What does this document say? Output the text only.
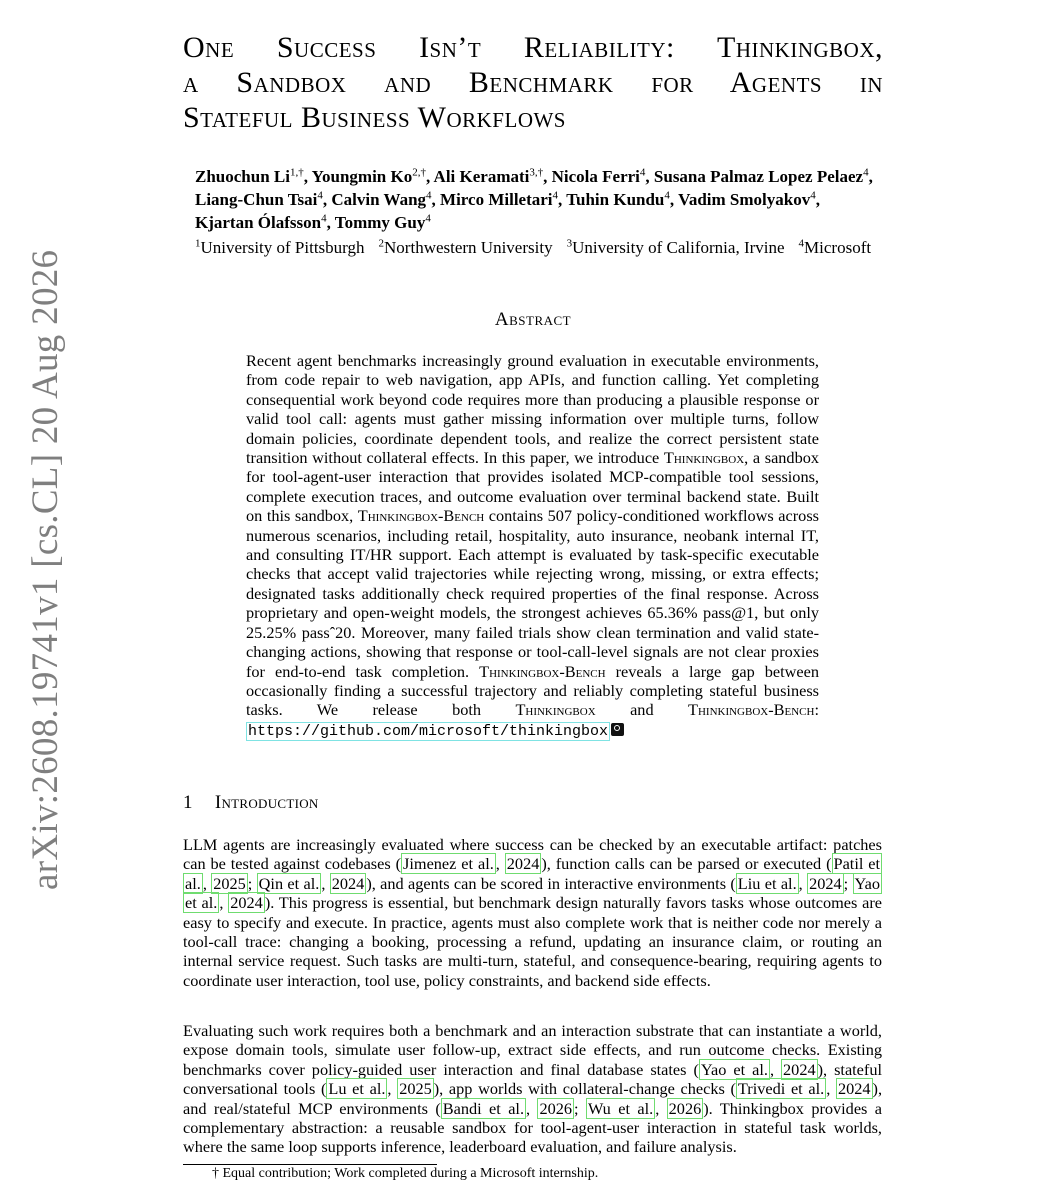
arXiv:2608.19741v1 [cs.CL] 20 Aug 2026
One Success Isn’t Reliability: Thinkingbox,
a Sandbox and Benchmark for Agents in
Stateful Business Workflows
Zhuochun $Li^{1,\dagger}$, Youngmin $Ko^{2,\dagger}$, Ali Keramati$^{3,\dagger}$, Nicola Ferri$^4$, Susana Palmaz Lopez Pelaez$^4$,
Liang-Chun Tsai$^4$, Calvin Wang$^4$, Mirco Milletari$^4$, Tuhin Kundu$^4$, Vadim Smolyakov$^4$,
Kjartan Ólafsson$^4$, Tommy Guy$^4$
$^1$University of Pittsburgh $^2$Northwestern University $^3$University of California, Irvine $^4$Microsoft
Abstract
Recent agent benchmarks increasingly ground evaluation in executable environments, from code repair to web navigation, app APIs, and function calling. Yet completing consequential work beyond code requires more than producing a plausible response or valid tool call: agents must gather missing information over multiple turns, follow domain policies, coordinate dependent tools, and realize the correct persistent state transition without collateral effects. In this paper, we introduce Thinkingbox, a sandbox for tool-agent-user interaction that provides isolated MCP-compatible tool sessions, complete execution traces, and outcome evaluation over terminal backend state. Built on this sandbox, Thinkingbox-Bench contains 507 policy-conditioned workflows across numerous scenarios, including retail, hospitality, auto insurance, neobank internal IT, and consulting IT/HR support. Each attempt is evaluated by task-specific executable checks that accept valid trajectories while rejecting wrong, missing, or extra effects; designated tasks additionally check required properties of the final response. Across proprietary and open-weight models, the strongest achieves 65.36% pass@1, but only 25.25% passˆ20. Moreover, many failed trials show clean termination and valid state-changing actions, showing that response or tool-call-level signals are not clear proxies for end-to-end task completion. Thinkingbox-Bench reveals a large gap between occasionally finding a successful trajectory and reliably completing stateful business tasks. We release both Thinkingbox and Thinkingbox-Bench: https://github.com/microsoft/thinkingbox
1 Introduction
LLM agents are increasingly evaluated where success can be checked by an executable artifact: patches can be tested against codebases ( Jimenez et al. , 2024 ), function calls can be parsed or executed ( Patil et al. , 2025 ; Qin et al. , 2024 ), and agents can be scored in interactive environments ( Liu et al. , 2024 ; Yao et al. , 2024 ). This progress is essential, but benchmark design naturally favors tasks whose outcomes are easy to specify and execute. In practice, agents must also complete work that is neither code nor merely a tool-call trace: changing a booking, processing a refund, updating an insurance claim, or routing an internal service request. Such tasks are multi-turn, stateful, and consequence-bearing, requiring agents to coordinate user interaction, tool use, policy constraints, and backend side effects.
Evaluating such work requires both a benchmark and an interaction substrate that can instantiate a world, expose domain tools, simulate user follow-up, extract side effects, and run outcome checks. Existing benchmarks cover policy-guided user interaction and final database states ( Yao et al. , 2024 ), stateful conversational tools ( Lu et al. , 2025 ), app worlds with collateral-change checks ( Trivedi et al. , 2024 ), and real/stateful MCP environments ( Bandi et al. , 2026 ; Wu et al. , 2026 ). Thinkingbox provides a complementary abstraction: a reusable sandbox for tool-agent-user interaction in stateful task worlds, where the same loop supports inference, leaderboard evaluation, and failure analysis.
† Equal contribution; Work completed during a Microsoft internship.
